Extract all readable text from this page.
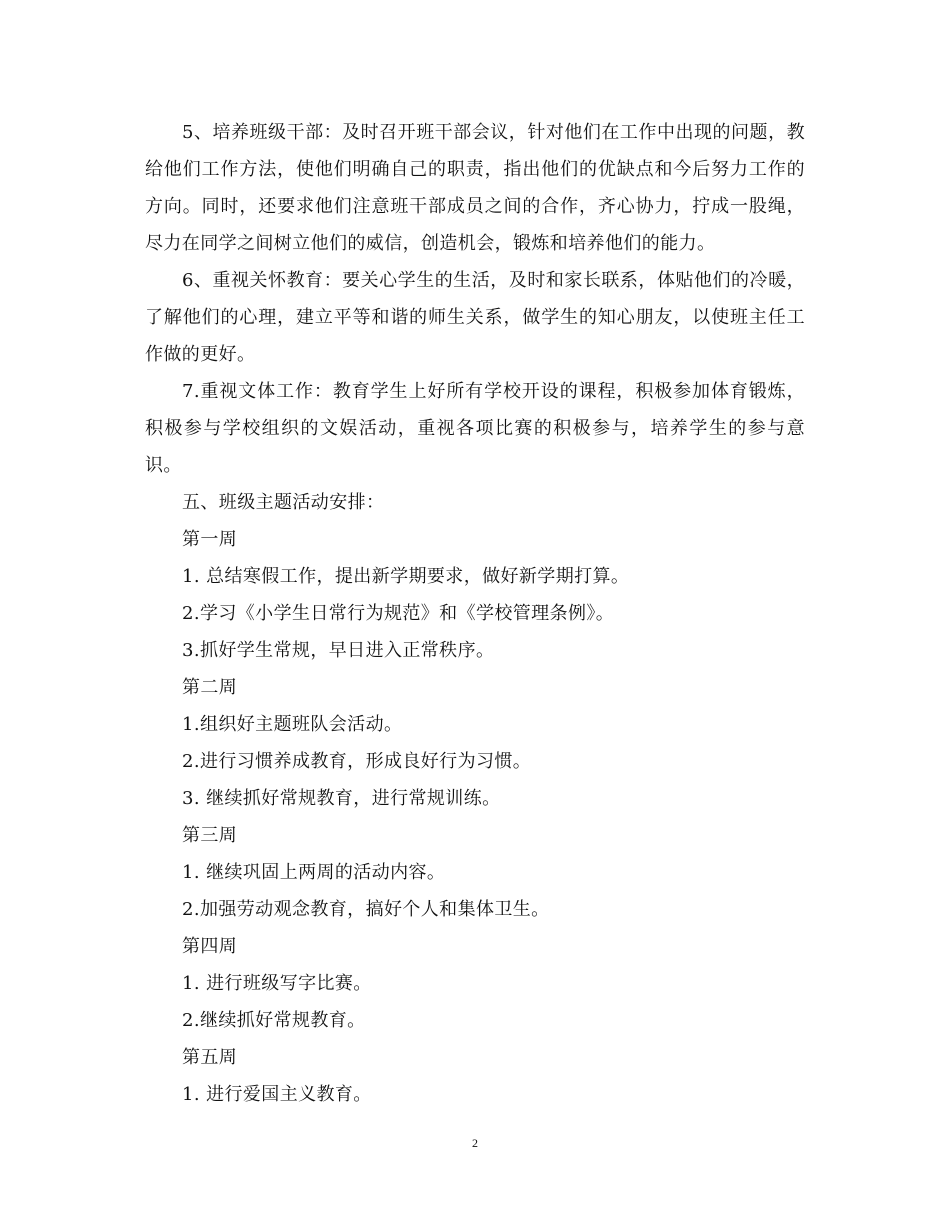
5、培养班级干部：及时召开班干部会议，针对他们在工作中出现的问题，教给他们工作方法，使他们明确自己的职责，指出他们的优缺点和今后努力工作的方向。同时，还要求他们注意班干部成员之间的合作，齐心协力，拧成一股绳，尽力在同学之间树立他们的威信，创造机会，锻炼和培养他们的能力。

6、重视关怀教育：要关心学生的生活，及时和家长联系，体贴他们的冷暖，了解他们的心理，建立平等和谐的师生关系，做学生的知心朋友，以使班主任工作做的更好。

7.重视文体工作：教育学生上好所有学校开设的课程，积极参加体育锻炼，积极参与学校组织的文娱活动，重视各项比赛的积极参与，培养学生的参与意识。

五、班级主题活动安排：

第一周

1. 总结寒假工作，提出新学期要求，做好新学期打算。

2.学习《小学生日常行为规范》和《学校管理条例》。

3.抓好学生常规，早日进入正常秩序。

第二周

1.组织好主题班队会活动。

2.进行习惯养成教育，形成良好行为习惯。

3. 继续抓好常规教育，进行常规训练。

第三周

1. 继续巩固上两周的活动内容。

2.加强劳动观念教育，搞好个人和集体卫生。

第四周

1. 进行班级写字比赛。

2.继续抓好常规教育。

第五周

1. 进行爱国主义教育。

2
